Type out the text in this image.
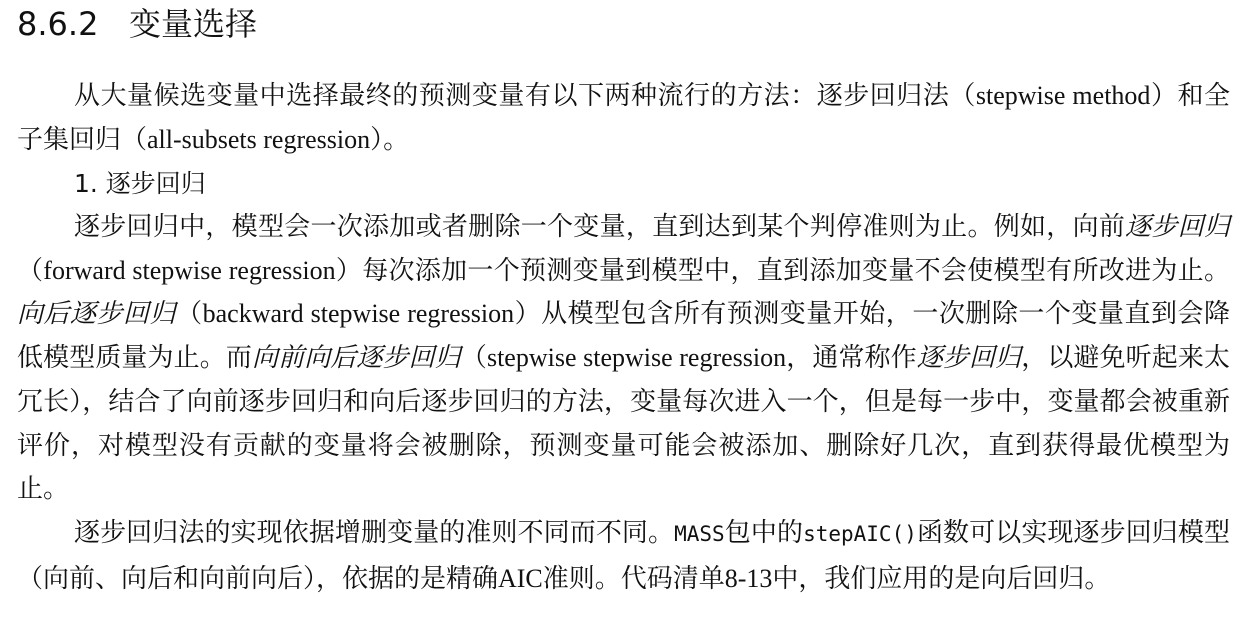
8.6.2 变量选择

从大量候选变量中选择最终的预测变量有以下两种流行的方法：逐步回归法（stepwise method）和全子集回归（all-subsets regression）。

1. 逐步回归

逐步回归中，模型会一次添加或者删除一个变量，直到达到某个判停准则为止。例如，向前逐步回归（forward stepwise regression）每次添加一个预测变量到模型中，直到添加变量不会使模型有所改进为止。向后逐步回归（backward stepwise regression）从模型包含所有预测变量开始，一次删除一个变量直到会降低模型质量为止。而向前向后逐步回归（stepwise stepwise regression，通常称作逐步回归，以避免听起来太冗长），结合了向前逐步回归和向后逐步回归的方法，变量每次进入一个，但是每一步中，变量都会被重新评价，对模型没有贡献的变量将会被删除，预测变量可能会被添加、删除好几次，直到获得最优模型为止。

逐步回归法的实现依据增删变量的准则不同而不同。MASS包中的stepAIC()函数可以实现逐步回归模型（向前、向后和向前向后），依据的是精确AIC准则。代码清单8-13中，我们应用的是向后回归。
